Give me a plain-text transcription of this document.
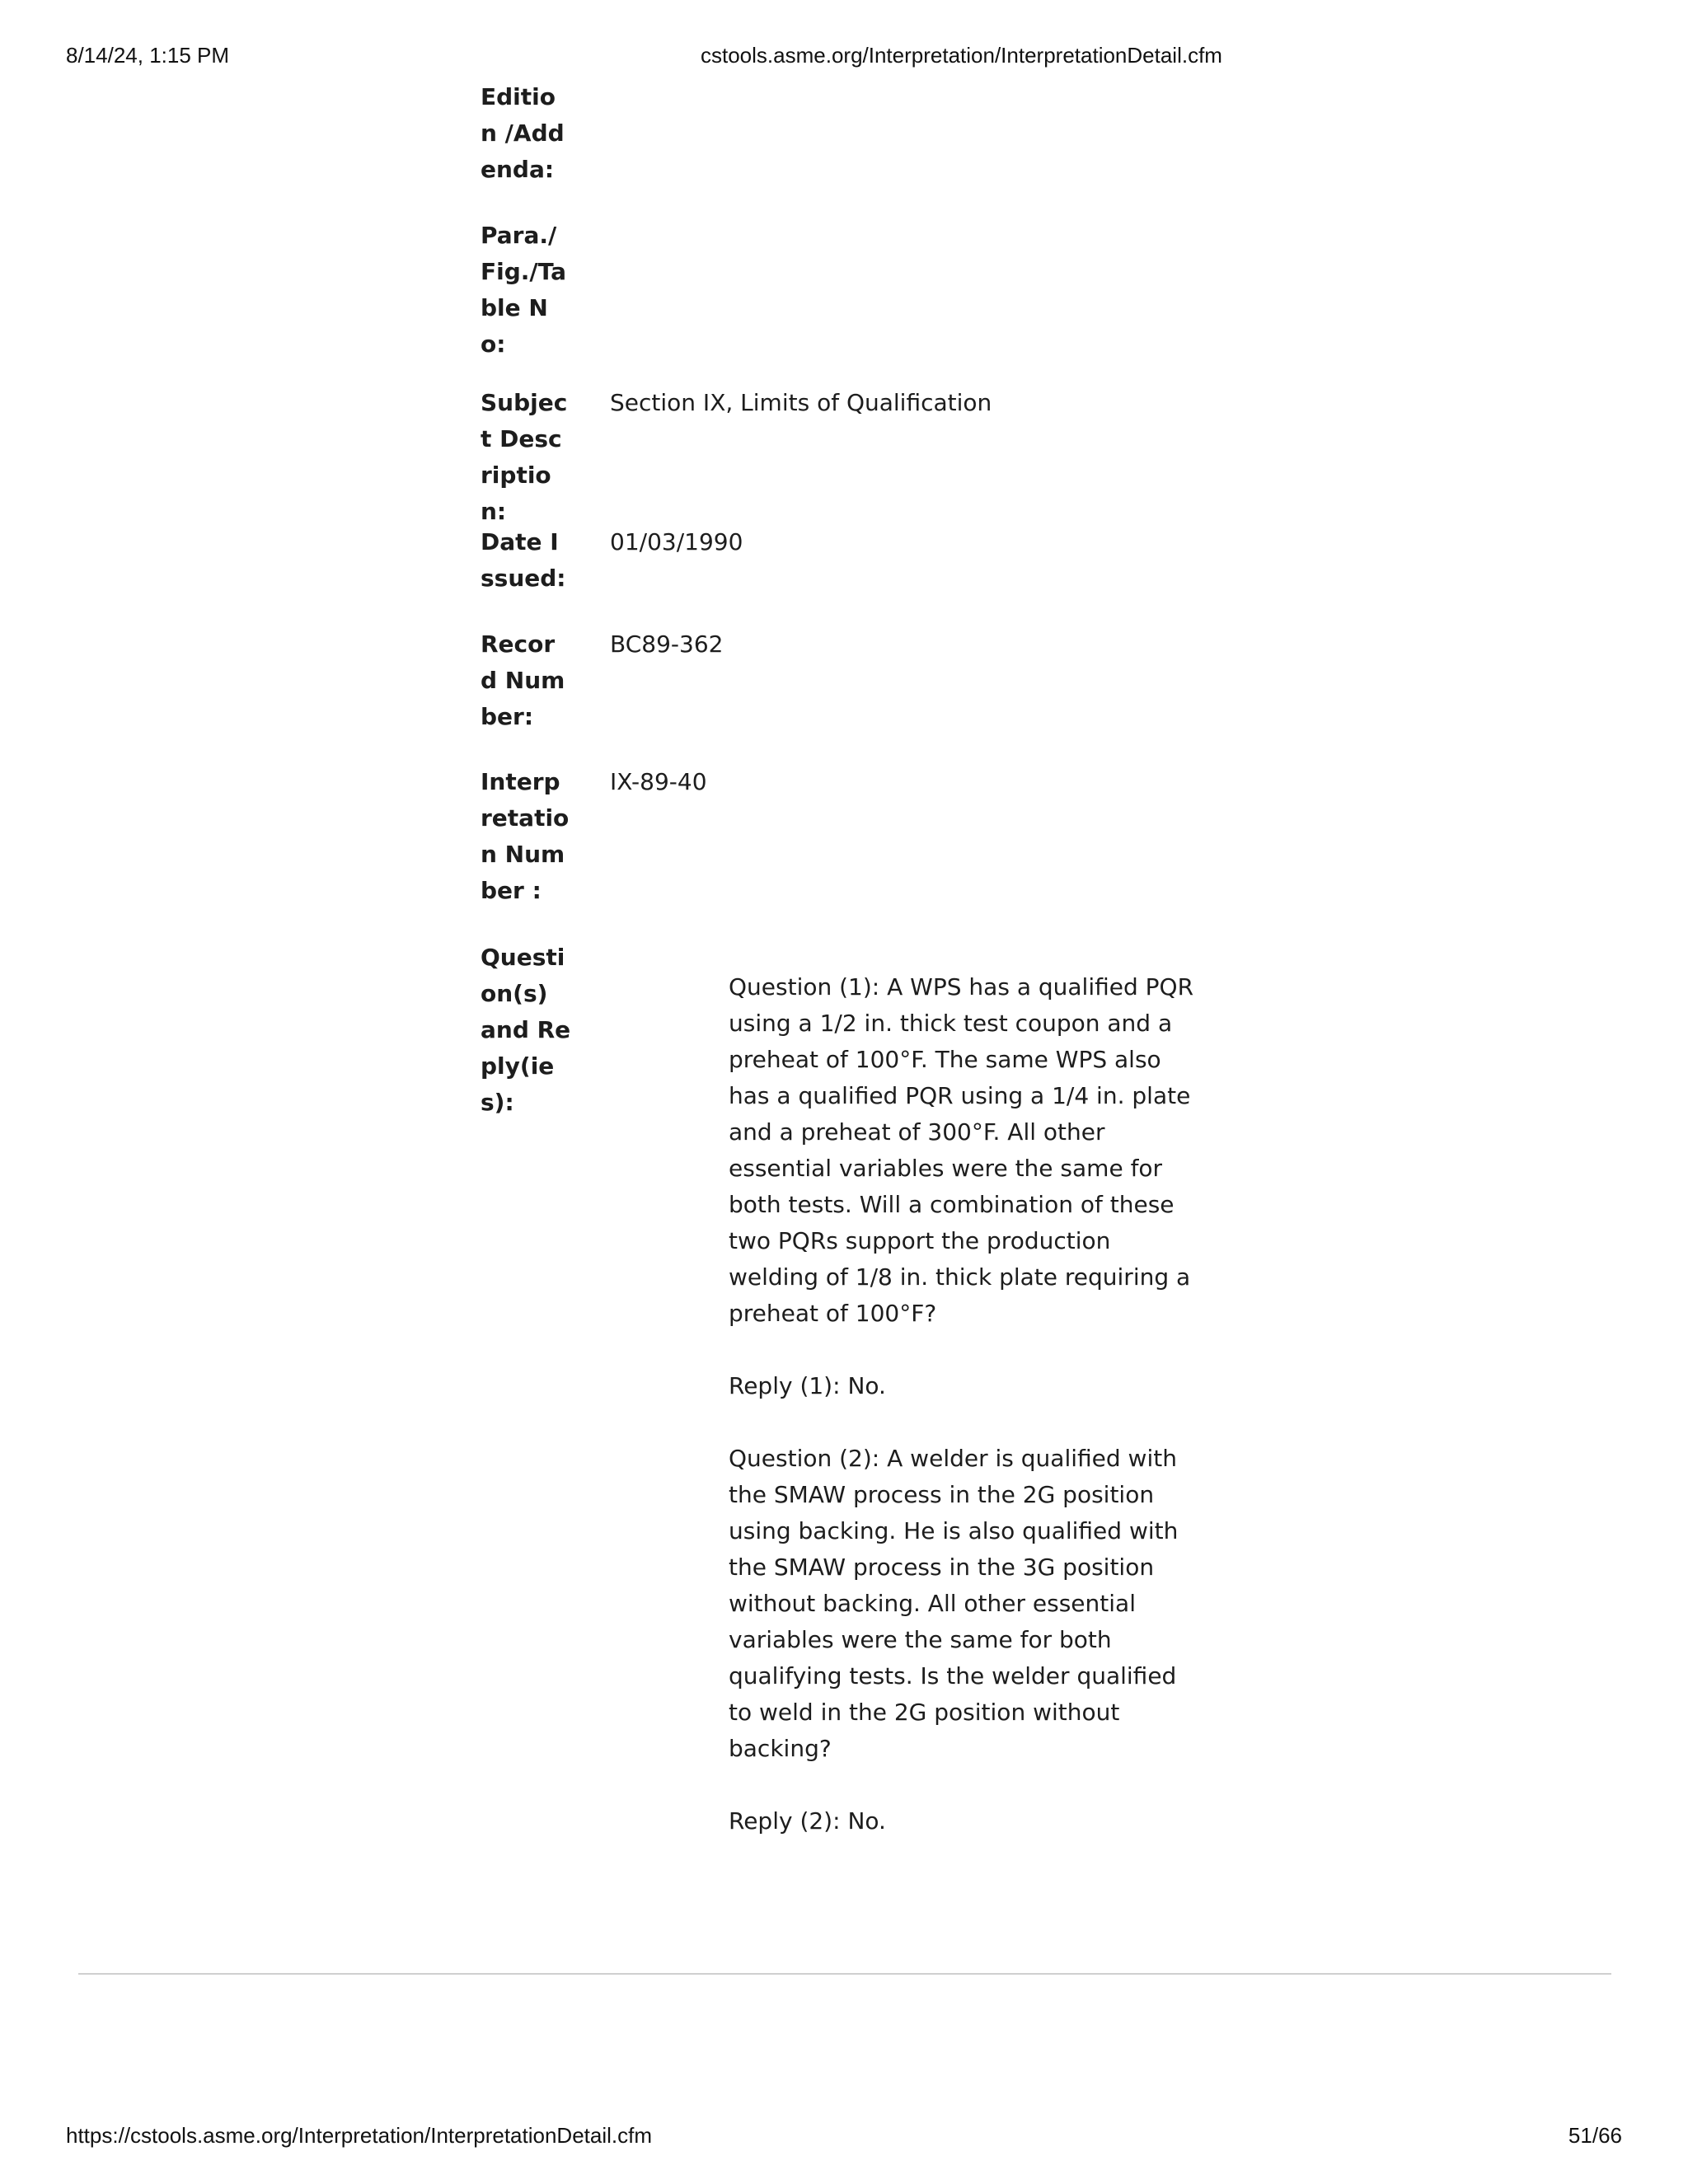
8/14/24, 1:15 PM	cstools.asme.org/Interpretation/InterpretationDetail.cfm
Edition /Addenda:
Para./Fig./Table No:
Subject Description:
Section IX, Limits of Qualification
Date Issued:
01/03/1990
Record Number:
BC89-362
Interpretation Number :
IX-89-40
Question(s) and Reply(ies):

Question (1): A WPS has a qualified PQR using a 1/2 in. thick test coupon and a preheat of 100°F. The same WPS also has a qualified PQR using a 1/4 in. plate and a preheat of 300°F. All other essential variables were the same for both tests. Will a combination of these two PQRs support the production welding of 1/8 in. thick plate requiring a preheat of 100°F?

Reply (1): No.

Question (2): A welder is qualified with the SMAW process in the 2G position using backing. He is also qualified with the SMAW process in the 3G position without backing. All other essential variables were the same for both qualifying tests. Is the welder qualified to weld in the 2G position without backing?

Reply (2): No.

https://cstools.asme.org/Interpretation/InterpretationDetail.cfm	51/66
